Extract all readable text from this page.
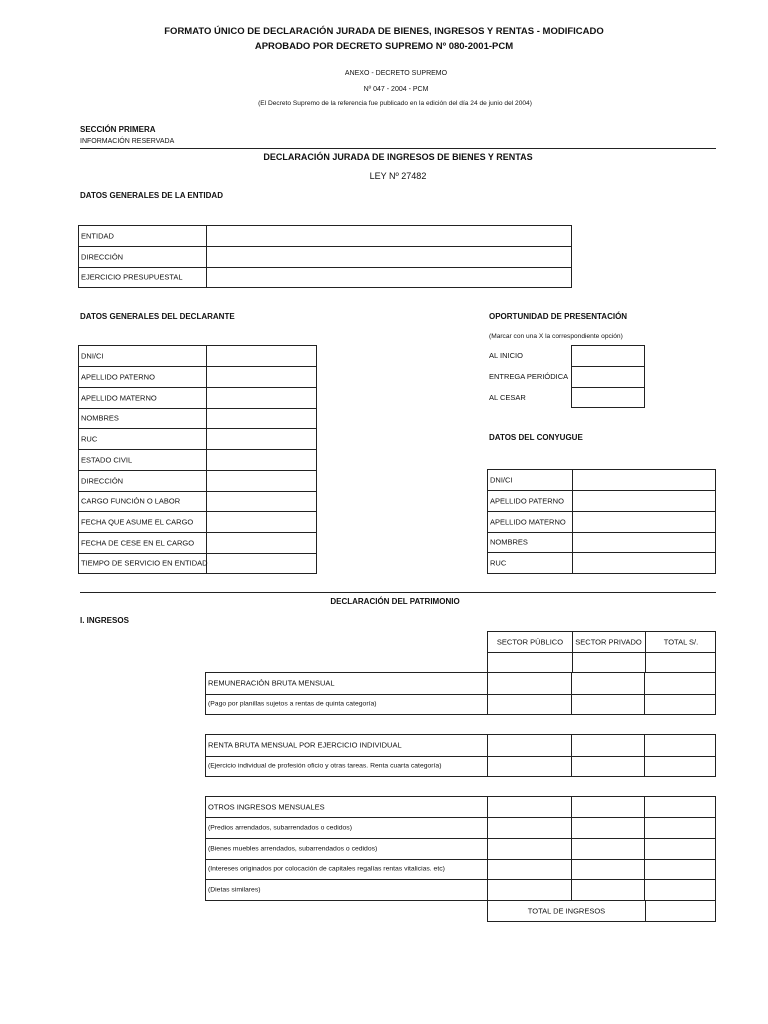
FORMATO ÚNICO DE DECLARACIÓN JURADA DE BIENES, INGRESOS Y RENTAS - MODIFICADO
APROBADO POR DECRETO SUPREMO Nº 080-2001-PCM
ANEXO - DECRETO SUPREMO
Nº 047 - 2004 - PCM
(El Decreto Supremo de la referencia fue publicado en la edición del día 24 de junio del 2004)
SECCIÓN PRIMERA
INFORMACIÓN RESERVADA
DECLARACIÓN JURADA DE INGRESOS DE BIENES Y RENTAS
LEY Nº 27482
DATOS GENERALES DE LA ENTIDAD
ENTIDAD
DIRECCIÓN
EJERCICIO PRESUPUESTAL
DATOS GENERALES DEL DECLARANTE
DNI/CI
APELLIDO PATERNO
APELLIDO MATERNO
NOMBRES
RUC
ESTADO CIVIL
DIRECCIÓN
CARGO FUNCIÓN O LABOR
FECHA QUE ASUME EL CARGO
FECHA DE CESE EN EL CARGO
TIEMPO DE SERVICIO EN ENTIDAD
OPORTUNIDAD DE PRESENTACIÓN
(Marcar con una X la correspondiente opción)
AL INICIO
ENTREGA PERIÓDICA
AL CESAR
DATOS DEL CONYUGUE
DNI/CI
APELLIDO PATERNO
APELLIDO MATERNO
NOMBRES
RUC
DECLARACIÓN DEL PATRIMONIO
I. INGRESOS
SECTOR PÚBLICO	SECTOR PRIVADO	TOTAL S/.
REMUNERACIÓN BRUTA MENSUAL
(Pago por planillas sujetos a rentas de quinta categoría)
RENTA BRUTA MENSUAL POR EJERCICIO INDIVIDUAL
(Ejercicio individual de profesión oficio y otras tareas. Renta cuarta categoría)
OTROS INGRESOS MENSUALES
(Predios arrendados, subarrendados o cedidos)
(Bienes muebles arrendados, subarrendados o cedidos)
(Intereses originados por colocación de capitales regalías rentas vitalicias. etc)
(Dietas similares)
TOTAL DE INGRESOS
